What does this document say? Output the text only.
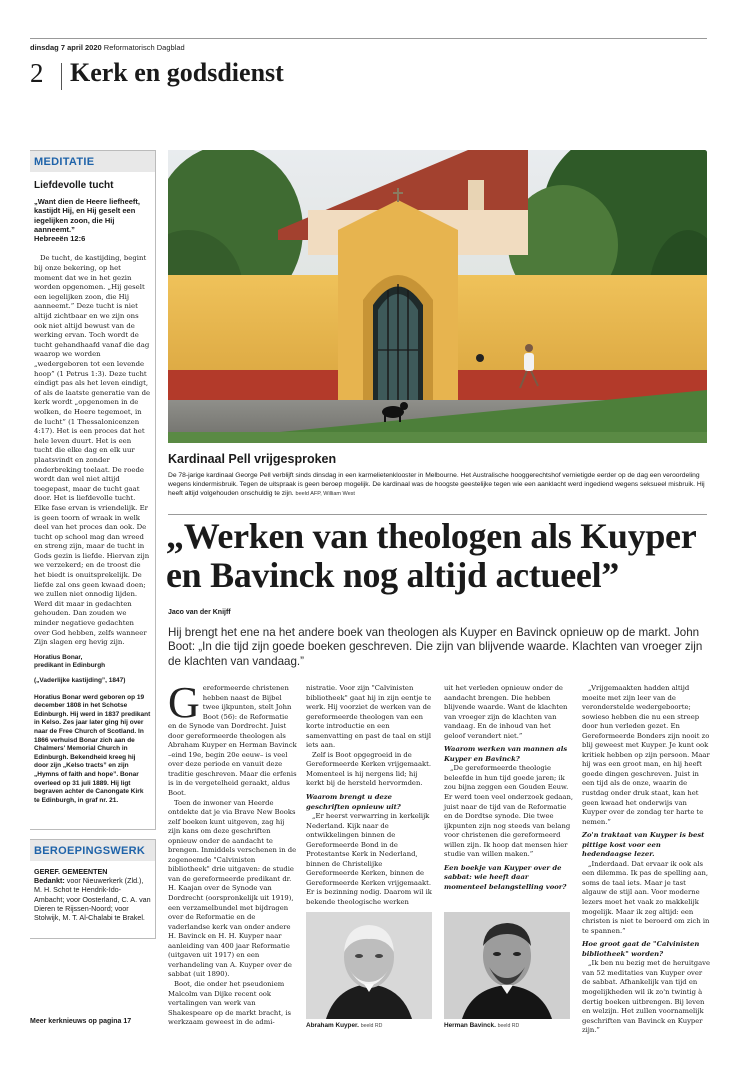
dinsdag 7 april 2020 Reformatorisch Dagblad
2 Kerk en godsdienst
MEDITATIE
Liefdevolle tucht
„Want dien de Heere liefheeft, kastijdt Hij, en Hij geselt een iegelijken zoon, die Hij aanneemt.”
Hebreeën 12:6

De tucht, de kastijding, begint bij onze bekering, op het moment dat we in het gezin worden opgenomen. „Hij geselt een iegelijken zoon, die Hij aanneemt.” Deze tucht is niet altijd zichtbaar en we zijn ons ook niet altijd bewust van de werking ervan. Toch wordt de tucht gehandhaafd vanaf die dag waarop we worden „wedergeboren tot een levende hoop” (1 Petrus 1:3). Deze tucht eindigt pas als het leven eindigt, of als de laatste generatie van de kerk wordt „opgenomen in de wolken, de Heere tegemoet, in de lucht” (1 Thessalonicenzen 4:17). Het is een proces dat het hele leven duurt. Het is een tucht die elke dag en elk uur plaatsvindt en zonder onderbreking toelaat. De roede wordt dan wel niet altijd toegepast, maar de tucht gaat door. Het is liefdevolle tucht. Elke fase ervan is vriendelijk. Er is geen toorn of wraak in welk deel van het proces dan ook. De tucht op school mag dan wreed en streng zijn, maar de tucht in Gods gezin is liefde. Hiervan zijn we verzekerd; en de troost die het biedt is onuitsprekelijk. De liefde zal ons geen kwaad doen; we zullen niet onnodig lijden. Werd dit maar in gedachten gehouden. Dan zouden we minder negatieve gedachten over God hebben, zelfs wanneer Zijn slagen erg hevig zijn.

Horatius Bonar,
predikant in Edinburgh
(„Vaderlijke kastijding”, 1847)
Horatius Bonar werd geboren op 19 december 1808 in het Schotse Edinburgh. Hij werd in 1837 predikant in Kelso. Zes jaar later ging hij over naar de Free Church of Scotland. In 1866 verhuisd Bonar zich aan de Chalmers' Memorial Church in Edinburgh. Bekendheid kreeg hij door zijn „Kelso tracts” en zijn „Hymns of faith and hope”. Bonar overleed op 31 juli 1889. Hij ligt begraven achter de Canongate Kirk te Edinburgh, in graf nr. 21.
BEROEPINGSWERK
GEREF. GEMEENTEN
Bedankt: voor Nieuwerkerk (Zld.), M. H. Schot te Hendrik-Ido-Ambacht; voor Oosterland, C. A. van Dieren te Rijssen-Noord; voor Stolwijk, M. T. Al-Chalabi te Brakel.
Meer kerknieuws op pagina 17
Kardinaal Pell vrijgesproken
De 78-jarige kardinaal George Pell verblijft sinds dinsdag in een karmelietenklooster in Melbourne. Het Australische hooggerechtshof vernietigde eerder op de dag een veroordeling wegens kindermisbruik. Tegen de uitspraak is geen beroep mogelijk. De kardinaal was de hoogste geestelijke tegen wie een aanklacht werd ingediend wegens seksueel misbruik. Hij heeft altijd volgehouden onschuldig te zijn. beeld AFP, William West
„Werken van theologen als Kuyper en Bavinck nog altijd actueel”
Jaco van der Knijff

Hij brengt het ene na het andere boek van theologen als Kuyper en Bavinck opnieuw op de markt. John Boot: „In die tijd zijn goede boeken geschreven. Die zijn van blijvende waarde. Klachten van vroeger zijn de klachten van vandaag.”

Gereformeerde christenen hebben naast de Bijbel twee ijkpunten, stelt John Boot (56): de Reformatie en de Synode van Dordrecht. Juist door gereformeerde theologen als Abraham Kuyper en Herman Bavinck –eind 19e, begin 20e eeuw– is veel over deze periode en vanuit deze traditie geschreven. Maar die erfenis is in de vergetelheid geraakt, aldus Boot.

Toen de inwoner van Heerde ontdekte dat je via Brave New Books zelf boeken kunt uitgeven, zag hij zijn kans om deze geschriften opnieuw onder de aandacht te brengen. Inmiddels verschenen in de zogenoemde "Calvinisten bibliotheek" drie uitgaven: de studie van de gereformeerde predikant dr. H. Kaajan over de Synode van Dordrecht (oorspronkelijk uit 1919), een verzamelbundel met bijdragen over de Reformatie en de vaderlandse kerk van onder andere H. Bavinck en H. H. Kuyper naar aanleiding van 400 jaar Reformatie (uitgaven uit 1917) en een verhandeling van A. Kuyper over de sabbat (uit 1890).

Boot, die onder het pseudoniem Malcolm van Dijke recent ook vertalingen van werk van Shakespeare op de markt bracht, is werkzaam geweest in de admi-

nistratie. Voor zijn "Calvinisten bibliotheek" gaat hij in zijn eentje te werk. Hij voorziet de werken van de gereformeerde theologen van een korte introductie en een samenvatting en past de taal en stijl iets aan.

Zelf is Boot opgegroeid in de Gereformeerde Kerken vrijgemaakt. Momenteel is hij nergens lid; hij kerkt bij de hersteld hervormden.

Waarom brengt u deze geschriften opnieuw uit?

„Er heerst verwarring in kerkelijk Nederland. Kijk naar de ontwikkelingen binnen de Gereformeerde Bond in de Protestantse Kerk in Nederland, binnen de Christelijke Gereformeerde Kerken, binnen de Gereformeerde Kerken vrijgemaakt. Er is bezinning nodig. Daarom wil ik bekende theologische werken

uit het verleden opnieuw onder de aandacht brengen. Die hebben blijvende waarde. Want de klachten van vroeger zijn de klachten van vandaag. En de inhoud van het geloof verandert niet.”

Waarom werken van mannen als Kuyper en Bavinck?

„De gereformeerde theologie beleefde in hun tijd goede jaren; ik zou bijna zeggen een Gouden Eeuw. Er werd toen veel onderzoek gedaan, juist naar de tijd van de Reformatie en de Dordtse synode. Die twee ijkpunten zijn nog steeds van belang voor christenen die gereformeerd willen zijn. Ik hoop dat mensen hier studie van willen maken.”

Een boekje van Kuyper over de sabbat: wie heeft daar momenteel belangstelling voor?

„Vrijgemaakten hadden altijd moeite met zijn leer van de veronderstelde wedergeboorte; sowieso hebben die nu een streep door hun verleden gezet. En Gereformeerde Bonders zijn nooit zo blij geweest met Kuyper. Je kunt ook kritiek hebben op zijn persoon. Maar hij was een groot man, en hij heeft goede dingen geschreven. Juist in een tijd als de onze, waarin de rustdag onder druk staat, kan het geen kwaad het onderwijs van Kuyper over de zondag ter harte te nemen.”

Zo'n traktaat van Kuyper is best pittige kost voor een hedendaagse lezer.

„Inderdaad. Dat ervaar ik ook als een dilemma. Ik pas de spelling aan, soms de taal iets. Maar je tast algauw de stijl aan. Voor moderne lezers moet het vaak zo makkelijk mogelijk. Maar ik zeg altijd: een christen is niet te beroerd om zich in te spannen.”

Hoe groot gaat de "Calvinisten bibliotheek" worden?

„Ik ben nu bezig met de heruitgave van 52 meditaties van Kuyper over de sabbat. Afhankelijk van tijd en mogelijkheden wil ik zo'n twintig à dertig boeken uitbrengen. Bij leven en welzijn. Het zullen voornamelijk geschriften van Bavinck en Kuyper zijn.”

Abraham Kuyper. beeld RD	Herman Bavinck. beeld RD
